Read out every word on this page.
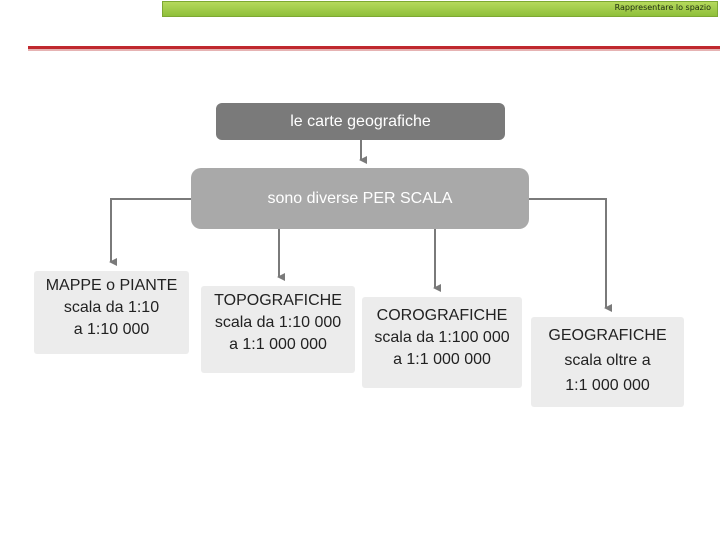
Rappresentare lo spazio
le carte geografiche
sono diverse PER SCALA
MAPPE o PIANTE
scala da 1:10
a 1:10 000
TOPOGRAFICHE
scala da 1:10 000
a 1:1 000 000
COROGRAFICHE
scala da 1:100 000
a 1:1 000 000
GEOGRAFICHE
scala oltre a
1:1 000 000
